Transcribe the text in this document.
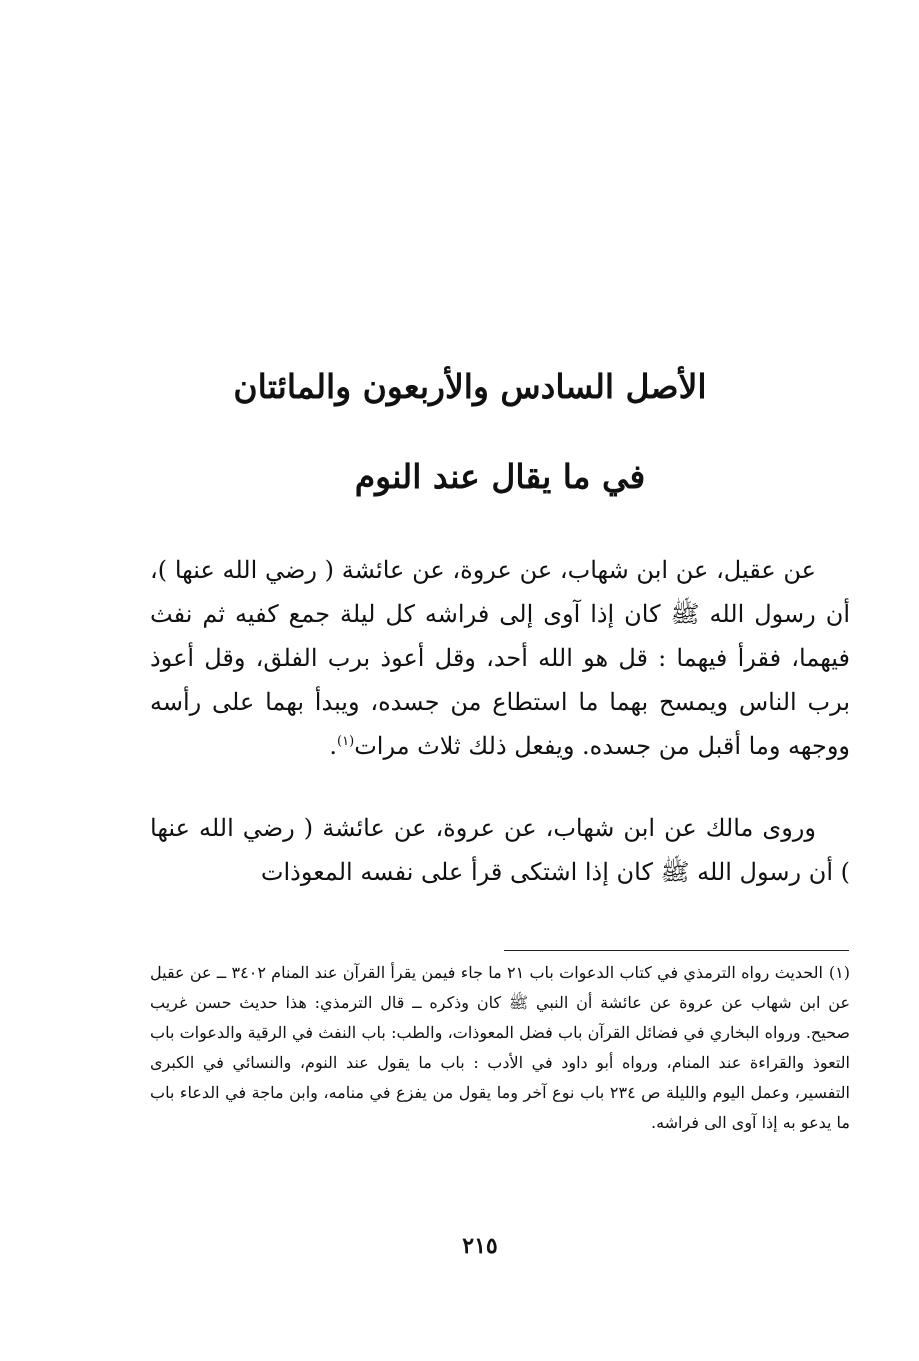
الأصل السادس والأربعون والمائتان
في ما يقال عند النوم

عن عقيل، عن ابن شهاب، عن عروة، عن عائشة ( رضي الله عنها )، أن رسول الله ﷺ كان إذا آوى إلى فراشه كل ليلة جمع كفيه ثم نفث فيهما، فقرأ فيهما : قل هو الله أحد، وقل أعوذ برب الفلق، وقل أعوذ برب الناس ويمسح بهما ما استطاع من جسده، ويبدأ بهما على رأسه ووجهه وما أقبل من جسده. ويفعل ذلك ثلاث مرات$^{(١)}$.

وروى مالك عن ابن شهاب، عن عروة، عن عائشة ( رضي الله عنها ) أن رسول الله ﷺ كان إذا اشتكى قرأ على نفسه المعوذات

(١)الحديث رواه الترمذي في كتاب الدعوات باب ٢١ ما جاء فيمن يقرأ القرآن عند المنام ٣٤٠٢ ــ عن عقيل عن ابن شهاب عن عروة عن عائشة أن النبي ﷺ كان وذكره ــ قال الترمذي: هذا حديث حسن غريب صحيح. ورواه البخاري في فضائل القرآن باب فضل المعوذات، والطب: باب النفث في الرقية والدعوات باب التعوذ والقراءة عند المنام، ورواه أبو داود في الأدب : باب ما يقول عند النوم، والنسائي في الكبرى التفسير، وعمل اليوم والليلة ص ٢٣٤ باب نوع آخر وما يقول من يفزع في منامه، وابن ماجة في الدعاء باب ما يدعو به إذا آوى الى فراشه.
٢١٥
